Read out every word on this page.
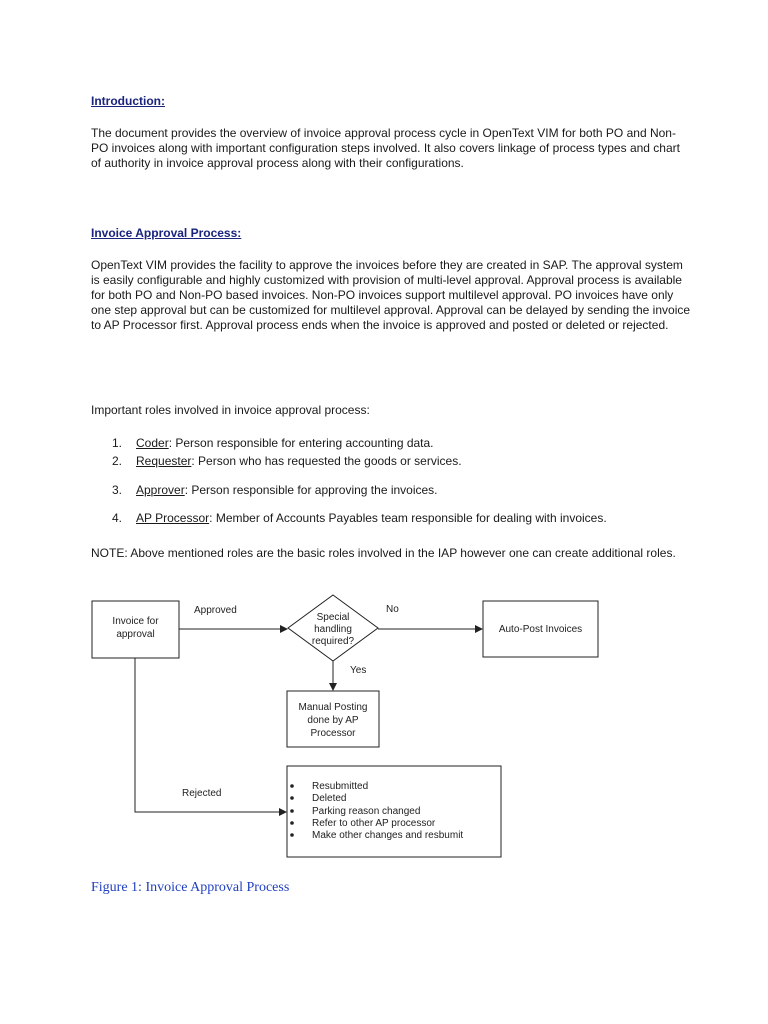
Introduction:

The document provides the overview of invoice approval process cycle in OpenText VIM for both PO and Non-PO invoices along with important configuration steps involved. It also covers linkage of process types and chart of authority in invoice approval process along with their configurations.

Invoice Approval Process:

OpenText VIM provides the facility to approve the invoices before they are created in SAP. The approval system is easily configurable and highly customized with provision of multi-level approval. Approval process is available for both PO and Non-PO based invoices. Non-PO invoices support multilevel approval. PO invoices have only one step approval but can be customized for multilevel approval. Approval can be delayed by sending the invoice to AP Processor first. Approval process ends when the invoice is approved and posted or deleted or rejected.

Important roles involved in invoice approval process:

1. Coder: Person responsible for entering accounting data.
2. Requester: Person who has requested the goods or services.
3. Approver: Person responsible for approving the invoices.
4. AP Processor: Member of Accounts Payables team responsible for dealing with invoices.

NOTE: Above mentioned roles are the basic roles involved in the IAP however one can create additional roles.

Invoice for
approval
Approved
Special
handling
required?
No
Auto-Post Invoices
Yes
Manual Posting
done by AP
Processor
Rejected
Resubmitted
Deleted
Parking reason changed
Refer to other AP processor
Make other changes and resbumit
Figure 1: Invoice Approval Process
